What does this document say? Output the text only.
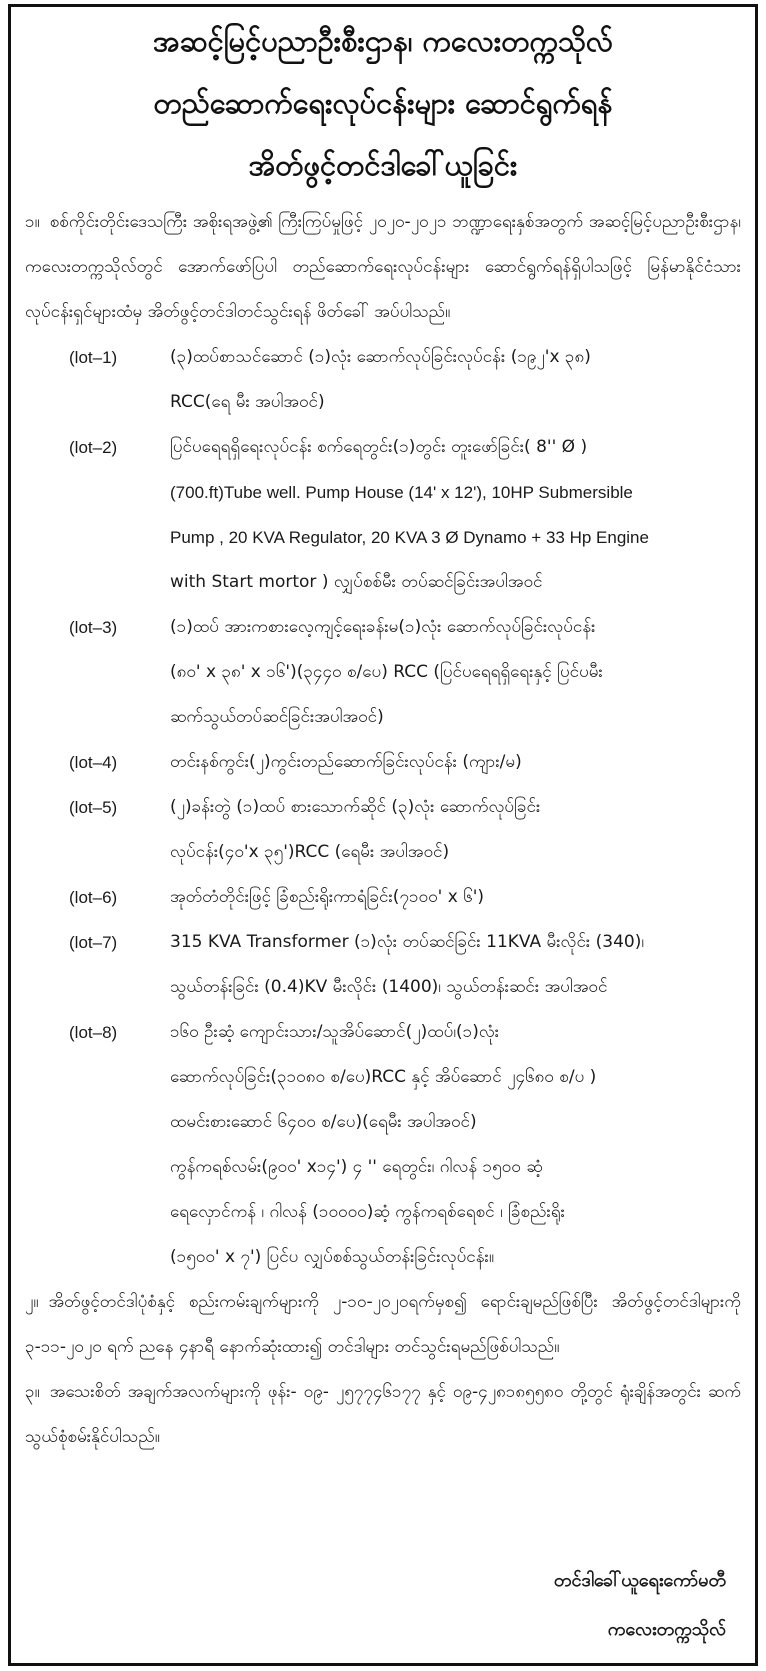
အဆင့်မြင့်ပညာဦးစီးဌာန၊ ကလေးတက္ကသိုလ်
တည်ဆောက်ရေးလုပ်ငန်းများ ဆောင်ရွက်ရန်
အိတ်ဖွင့်တင်ဒါခေါ်ယူခြင်း
၁။ စစ်ကိုင်းတိုင်းဒေသကြီး အစိုးရအဖွဲ့၏ ကြီးကြပ်မှုဖြင့် ၂၀၂၀-၂၀၂၁ ဘဏ္ဍာရေးနှစ်အတွက် အဆင့်မြင့်ပညာဦးစီးဌာန၊ ကလေးတက္ကသိုလ်တွင် အောက်ဖော်ပြပါ တည်ဆောက်ရေးလုပ်ငန်းများ ဆောင်ရွက်ရန်ရှိပါသဖြင့် မြန်မာနိုင်ငံသားလုပ်ငန်းရှင်များထံမှ အိတ်ဖွင့်တင်ဒါတင်သွင်းရန် ဖိတ်ခေါ် အပ်ပါသည်။
(lot–1)	(၃)ထပ်စာသင်ဆောင် (၁)လုံး ဆောက်လုပ်ခြင်းလုပ်ငန်း (၁၉၂'x ၃၈)
RCC(ရေ မီး အပါအဝင်)
(lot–2)	ပြင်ပရေရရှိရေးလုပ်ငန်း စက်ရေတွင်း(၁)တွင်း တူးဖော်ခြင်း( 8'' Ø )
(700.ft)Tube well. Pump House (14' x 12'), 10HP Submersible
Pump , 20 KVA Regulator, 20 KVA 3 Ø Dynamo + 33 Hp Engine
with Start mortor ) လျှပ်စစ်မီး တပ်ဆင်ခြင်းအပါအဝင်
(lot–3)	(၁)ထပ် အားကစားလေ့ကျင့်ရေးခန်းမ(၁)လုံး ဆောက်လုပ်ခြင်းလုပ်ငန်း
(၈၀' x ၃၈' x ၁၆')(၃၄၄၀ စ/ပေ) RCC (ပြင်ပရေရရှိရေးနှင့် ပြင်ပမီး
ဆက်သွယ်တပ်ဆင်ခြင်းအပါအဝင်)
(lot–4)	တင်းနစ်ကွင်း(၂)ကွင်းတည်ဆောက်ခြင်းလုပ်ငန်း (ကျား/မ)
(lot–5)	(၂)ခန်းတွဲ (၁)ထပ် စားသောက်ဆိုင် (၃)လုံး ဆောက်လုပ်ခြင်း
လုပ်ငန်း(၄၀'x ၃၅')RCC (ရေမီး အပါအဝင်)
(lot–6)	အုတ်တံတိုင်းဖြင့် ခြံစည်းရိုးကာရံခြင်း(၇၁၀၀' x ၆')
(lot–7)	315 KVA Transformer (၁)လုံး တပ်ဆင်ခြင်း 11KVA မီးလိုင်း (340)၊
သွယ်တန်းခြင်း (0.4)KV မီးလိုင်း (1400)၊ သွယ်တန်းဆင်း အပါအဝင်
(lot–8)	၁၆၀ ဦးဆံ့ ကျောင်းသား/သူအိပ်ဆောင်(၂)ထပ်၊(၁)လုံး
ဆောက်လုပ်ခြင်း(၃၁၀၈၀ စ/ပေ)RCC နှင့် အိပ်ဆောင် ၂၄၆၈၀ စ/ပ )
ထမင်းစားဆောင် ၆၄၀၀ စ/ပေ)(ရေမီး အပါအဝင်)
ကွန်ကရစ်လမ်း(၉၀၀' x၁၄') ၄ '' ရေတွင်း၊ ဂါလန် ၁၅၀၀ ဆံ့
ရေလှောင်ကန် ၊ ဂါလန် (၁၀၀၀၀)ဆံ့ ကွန်ကရစ်ရေစင် ၊ ခြံစည်းရိုး
(၁၅၀၀' x ၇') ပြင်ပ လျှပ်စစ်သွယ်တန်းခြင်းလုပ်ငန်း။
၂။ အိတ်ဖွင့်တင်ဒါပုံစံနှင့် စည်းကမ်းချက်များကို ၂-၁၀-၂၀၂၀ရက်မှစ၍ ရောင်းချမည်ဖြစ်ပြီး အိတ်ဖွင့်တင်ဒါများကို ၃-၁၁-၂၀၂၀ ရက် ညနေ ၄နာရီ နောက်ဆုံးထား၍ တင်ဒါများ တင်သွင်းရမည်ဖြစ်ပါသည်။
၃။ အသေးစိတ် အချက်အလက်များကို ဖုန်း- ၀၉- ၂၅၇၇၄၆၁၇၇ နှင့် ၀၉-၄၂၈၁၈၅၅၈၀ တို့တွင် ရုံးချိန်အတွင်း ဆက်သွယ်စုံစမ်းနိုင်ပါသည်။
တင်ဒါခေါ်ယူရေးကော်မတီ
ကလေးတက္ကသိုလ်
